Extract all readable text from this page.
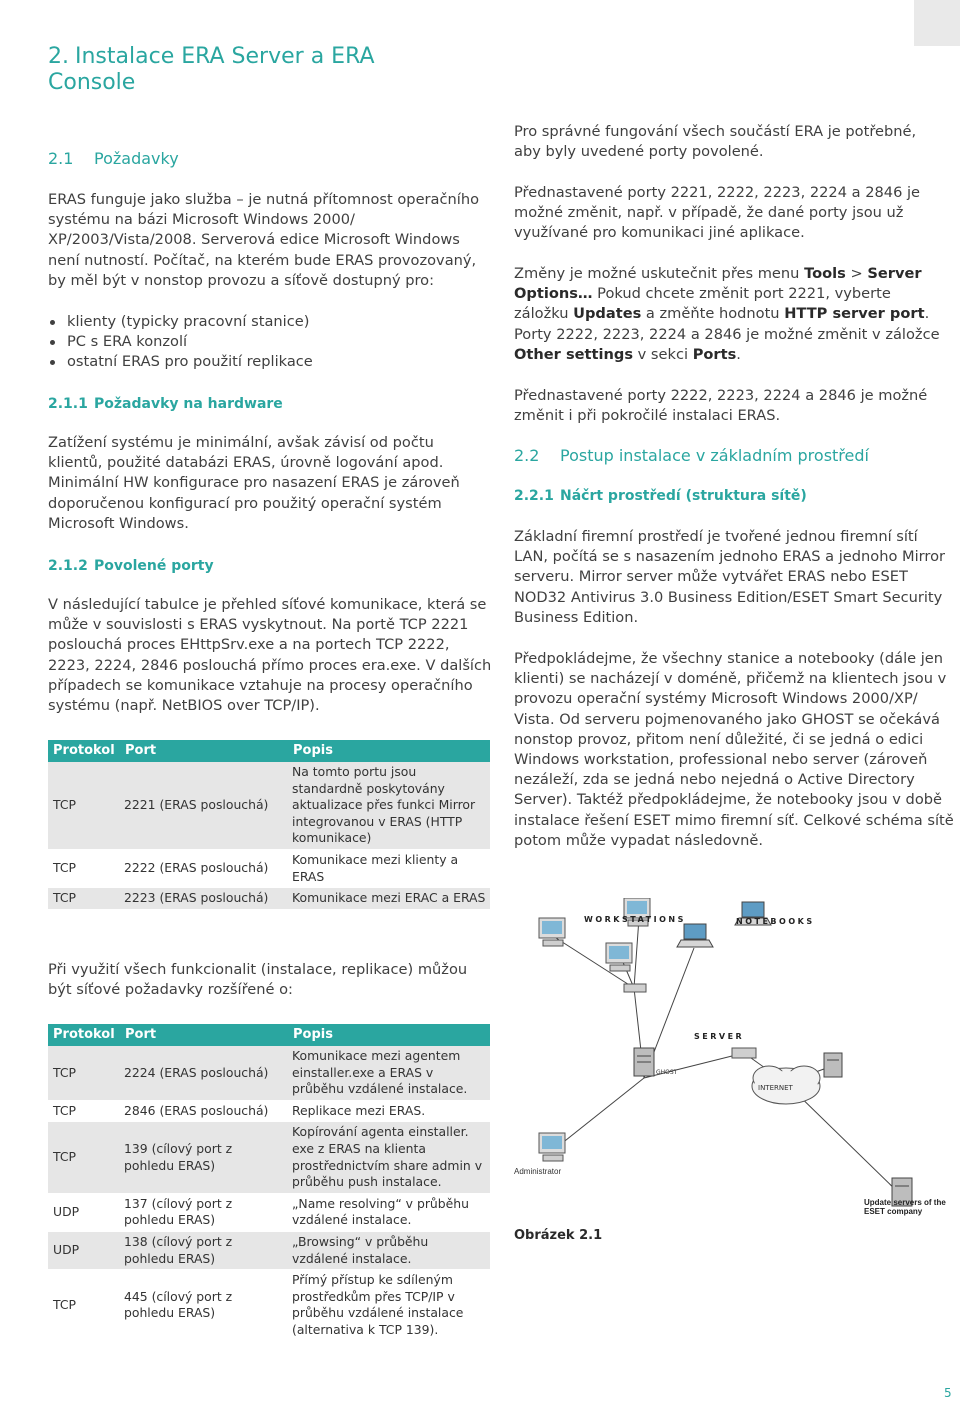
2. Instalace ERA Server a ERA Console
2.1 Požadavky
ERAS funguje jako služba – je nutná přítomnost operačního systému na bázi Microsoft Windows 2000/ XP/2003/Vista/2008. Serverová edice Microsoft Windows není nutností. Počítač, na kterém bude ERAS provozovaný, by měl být v nonstop provozu a síťově dostupný pro:
klienty (typicky pracovní stanice)
PC s ERA konzolí
ostatní ERAS pro použití replikace
2.1.1 Požadavky na hardware
Zatížení systému je minimální, avšak závisí od počtu klientů, použité databázi ERAS, úrovně logování apod. Minimální HW konfigurace pro nasazení ERAS je zároveň doporučenou konfigurací pro použitý operační systém Microsoft Windows.
2.1.2 Povolené porty
V následující tabulce je přehled síťové komunikace, která se může v souvislosti s ERAS vyskytnout. Na portě TCP 2221 poslouchá proces EHttpSrv.exe a na portech TCP 2222, 2223, 2224, 2846 poslouchá přímo proces era.exe. V dalších případech se komunikace vztahuje na procesy operačního systému (např. NetBIOS over TCP/IP).
Protokol	Port	Popis
TCP	2221 (ERAS poslouchá)	Na tomto portu jsou standardně poskytovány aktualizace přes funkci Mirror integrovanou v ERAS (HTTP komunikace)
TCP	2222 (ERAS poslouchá)	Komunikace mezi klienty a ERAS
TCP	2223 (ERAS poslouchá)	Komunikace mezi ERAC a ERAS
Při využití všech funkcionalit (instalace, replikace) můžou být síťové požadavky rozšířené o:
Protokol	Port	Popis
TCP	2224 (ERAS poslouchá)	Komunikace mezi agentem einstaller.exe a ERAS v průběhu vzdálené instalace.
TCP	2846 (ERAS poslouchá)	Replikace mezi ERAS.
TCP	139 (cílový port z pohledu ERAS)	Kopírování agenta einstaller. exe z ERAS na klienta prostřednictvím share admin v průběhu push instalace.
UDP	137 (cílový port z pohledu ERAS)	„Name resolving“ v průběhu vzdálené instalace.
UDP	138 (cílový port z pohledu ERAS)	„Browsing“ v průběhu vzdálené instalace.
TCP	445 (cílový port z pohledu ERAS)	Přímý přístup ke sdíleným prostředkům přes TCP/IP v průběhu vzdálené instalace (alternativa k TCP 139).
Pro správné fungování všech součástí ERA je potřebné, aby byly uvedené porty povolené.
Přednastavené porty 2221, 2222, 2223, 2224 a 2846 je možné změnit, např. v případě, že dané porty jsou už využívané pro komunikaci jiné aplikace.
Změny je možné uskutečnit přes menu Tools > Server Options… Pokud chcete změnit port 2221, vyberte záložku Updates a změňte hodnotu HTTP server port. Porty 2222, 2223, 2224 a 2846 je možné změnit v záložce Other settings v sekci Ports.
Přednastavené porty 2222, 2223, 2224 a 2846 je možné změnit i při pokročilé instalaci ERAS.
2.2 Postup instalace v základním prostředí
2.2.1 Náčrt prostředí (struktura sítě)
Základní firemní prostředí je tvořené jednou firemní sítí LAN, počítá se s nasazením jednoho ERAS a jednoho Mirror serveru. Mirror server může vytvářet ERAS nebo ESET NOD32 Antivirus 3.0 Business Edition/ESET Smart Security Business Edition.
Předpokládejme, že všechny stanice a notebooky (dále jen klienti) se nacházejí v doméně, přičemž na klientech jsou v provozu operační systémy Microsoft Windows 2000/XP/ Vista. Od serveru pojmenovaného jako GHOST se očekává nonstop provoz, přitom není důležité, či se jedná o edici Windows workstation, professional nebo server (zároveň nezáleží, zda se jedná nebo nejedná o Active Directory Server). Taktéž předpokládejme, že notebooky jsou v době instalace řešení ESET mimo firemní síť. Celkové schéma sítě potom může vypadat následovně.
WORKSTATIONS	NOTEBOOKS
GHOST
SERVER
INTERNET
Administrator
Update servers of the ESET company
Obrázek 2.1
5
